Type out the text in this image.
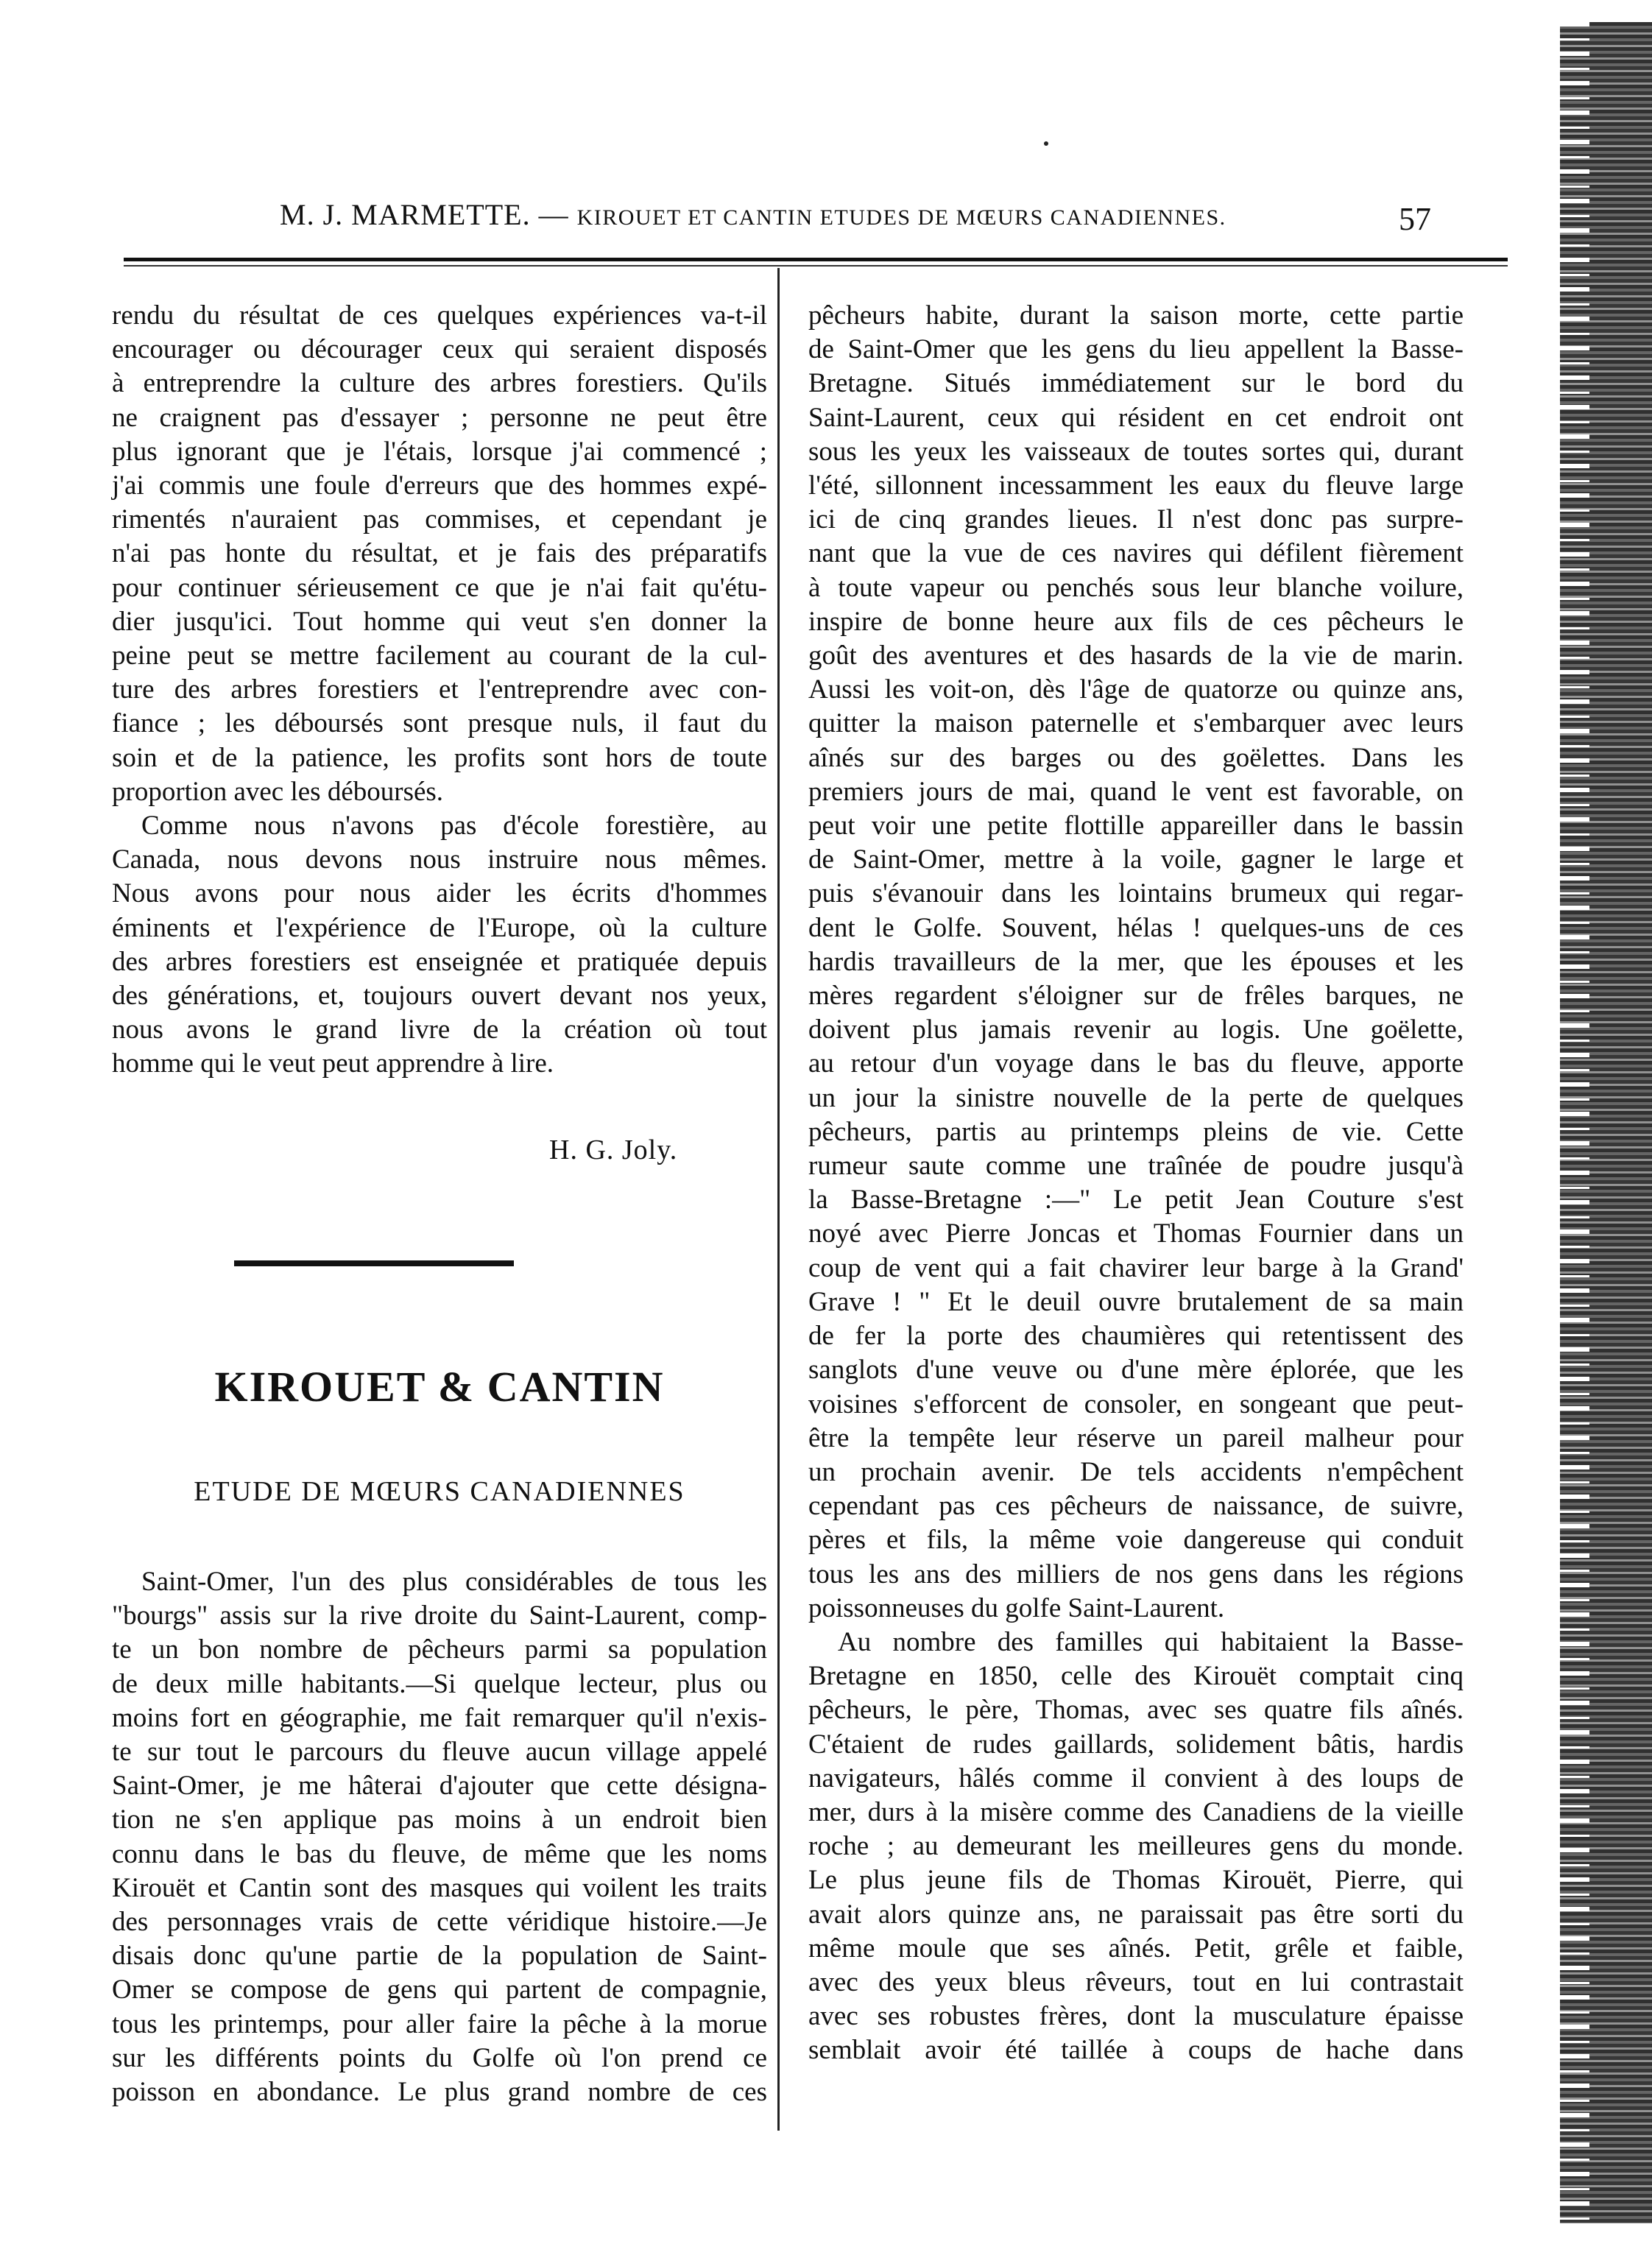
M. J. MARMETTE. — KIROUET ET CANTIN ETUDES DE MŒURS CANADIENNES.	57
rendu du résultat de ces quelques expériences va-t-il
encourager ou décourager ceux qui seraient disposés
à entreprendre la culture des arbres forestiers. Qu'ils
ne craignent pas d'essayer ; personne ne peut être
plus ignorant que je l'étais, lorsque j'ai commencé ;
j'ai commis une foule d'erreurs que des hommes expé-
rimentés n'auraient pas commises, et cependant je
n'ai pas honte du résultat, et je fais des préparatifs
pour continuer sérieusement ce que je n'ai fait qu'étu-
dier jusqu'ici. Tout homme qui veut s'en donner la
peine peut se mettre facilement au courant de la cul-
ture des arbres forestiers et l'entreprendre avec con-
fiance ; les déboursés sont presque nuls, il faut du
soin et de la patience, les profits sont hors de toute
proportion avec les déboursés.
Comme nous n'avons pas d'école forestière, au
Canada, nous devons nous instruire nous mêmes.
Nous avons pour nous aider les écrits d'hommes
éminents et l'expérience de l'Europe, où la culture
des arbres forestiers est enseignée et pratiquée depuis
des générations, et, toujours ouvert devant nos yeux,
nous avons le grand livre de la création où tout
homme qui le veut peut apprendre à lire.
H. G. Joly.
KIROUET & CANTIN
ETUDE DE MŒURS CANADIENNES
Saint-Omer, l'un des plus considérables de tous les
"bourgs" assis sur la rive droite du Saint-Laurent, comp-
te un bon nombre de pêcheurs parmi sa population
de deux mille habitants.—Si quelque lecteur, plus ou
moins fort en géographie, me fait remarquer qu'il n'exis-
te sur tout le parcours du fleuve aucun village appelé
Saint-Omer, je me hâterai d'ajouter que cette désigna-
tion ne s'en applique pas moins à un endroit bien
connu dans le bas du fleuve, de même que les noms
Kirouët et Cantin sont des masques qui voilent les traits
des personnages vrais de cette véridique histoire.—Je
disais donc qu'une partie de la population de Saint-
Omer se compose de gens qui partent de compagnie,
tous les printemps, pour aller faire la pêche à la morue
sur les différents points du Golfe où l'on prend ce
poisson en abondance. Le plus grand nombre de ces
pêcheurs habite, durant la saison morte, cette partie
de Saint-Omer que les gens du lieu appellent la Basse-
Bretagne. Situés immédiatement sur le bord du
Saint-Laurent, ceux qui résident en cet endroit ont
sous les yeux les vaisseaux de toutes sortes qui, durant
l'été, sillonnent incessamment les eaux du fleuve large
ici de cinq grandes lieues. Il n'est donc pas surpre-
nant que la vue de ces navires qui défilent fièrement
à toute vapeur ou penchés sous leur blanche voilure,
inspire de bonne heure aux fils de ces pêcheurs le
goût des aventures et des hasards de la vie de marin.
Aussi les voit-on, dès l'âge de quatorze ou quinze ans,
quitter la maison paternelle et s'embarquer avec leurs
aînés sur des barges ou des goëlettes. Dans les
premiers jours de mai, quand le vent est favorable, on
peut voir une petite flottille appareiller dans le bassin
de Saint-Omer, mettre à la voile, gagner le large et
puis s'évanouir dans les lointains brumeux qui regar-
dent le Golfe. Souvent, hélas ! quelques-uns de ces
hardis travailleurs de la mer, que les épouses et les
mères regardent s'éloigner sur de frêles barques, ne
doivent plus jamais revenir au logis. Une goëlette,
au retour d'un voyage dans le bas du fleuve, apporte
un jour la sinistre nouvelle de la perte de quelques
pêcheurs, partis au printemps pleins de vie. Cette
rumeur saute comme une traînée de poudre jusqu'à
la Basse-Bretagne :—" Le petit Jean Couture s'est
noyé avec Pierre Joncas et Thomas Fournier dans un
coup de vent qui a fait chavirer leur barge à la Grand'
Grave ! " Et le deuil ouvre brutalement de sa main
de fer la porte des chaumières qui retentissent des
sanglots d'une veuve ou d'une mère éplorée, que les
voisines s'efforcent de consoler, en songeant que peut-
être la tempête leur réserve un pareil malheur pour
un prochain avenir. De tels accidents n'empêchent
cependant pas ces pêcheurs de naissance, de suivre,
pères et fils, la même voie dangereuse qui conduit
tous les ans des milliers de nos gens dans les régions
poissonneuses du golfe Saint-Laurent.
Au nombre des familles qui habitaient la Basse-
Bretagne en 1850, celle des Kirouët comptait cinq
pêcheurs, le père, Thomas, avec ses quatre fils aînés.
C'étaient de rudes gaillards, solidement bâtis, hardis
navigateurs, hâlés comme il convient à des loups de
mer, durs à la misère comme des Canadiens de la vieille
roche ; au demeurant les meilleures gens du monde.
Le plus jeune fils de Thomas Kirouët, Pierre, qui
avait alors quinze ans, ne paraissait pas être sorti du
même moule que ses aînés. Petit, grêle et faible,
avec des yeux bleus rêveurs, tout en lui contrastait
avec ses robustes frères, dont la musculature épaisse
semblait avoir été taillée à coups de hache dans
